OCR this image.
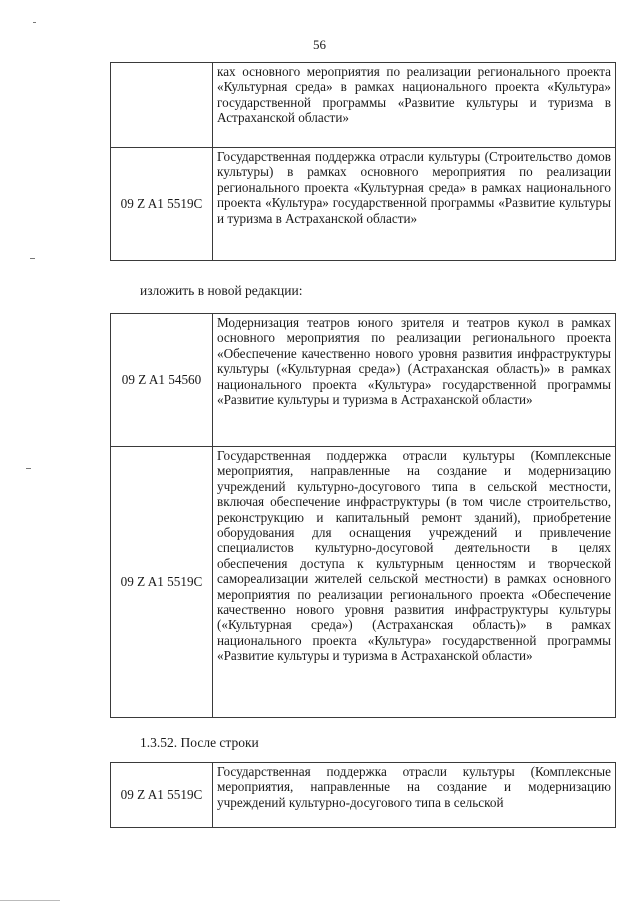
56
	ках основного мероприятия по реализации регионального проекта «Культурная среда» в рамках национального проекта «Культура» государственной программы «Развитие культуры и туризма в Астраханской области»
09 Z A1 5519C	Государственная поддержка отрасли культуры (Строительство домов культуры) в рамках основного мероприятия по реализации регионального проекта «Культурная среда» в рамках национального проекта «Культура» государственной программы «Развитие культуры и туризма в Астраханской области»
изложить в новой редакции:
09 Z A1 54560	Модернизация театров юного зрителя и театров кукол в рамках основного мероприятия по реализации регионального проекта «Обеспечение качественно нового уровня развития инфраструктуры культуры («Культурная среда») (Астраханская область)» в рамках национального проекта «Культура» государственной программы «Развитие культуры и туризма в Астраханской области»
09 Z A1 5519C	Государственная поддержка отрасли культуры (Комплексные мероприятия, направленные на создание и модернизацию учреждений культурно-досугового типа в сельской местности, включая обеспечение инфраструктуры (в том числе строительство, реконструкцию и капитальный ремонт зданий), приобретение оборудования для оснащения учреждений и привлечение специалистов культурно-досуговой деятельности в целях обеспечения доступа к культурным ценностям и творческой самореализации жителей сельской местности) в рамках основного мероприятия по реализации регионального проекта «Обеспечение качественно нового уровня развития инфраструктуры культуры («Культурная среда») (Астраханская область)» в рамках национального проекта «Культура» государственной программы «Развитие культуры и туризма в Астраханской области»
1.3.52. После строки
09 Z A1 5519C	Государственная поддержка отрасли культуры (Комплексные мероприятия, направленные на создание и модернизацию учреждений культурно-досугового типа в сельской
